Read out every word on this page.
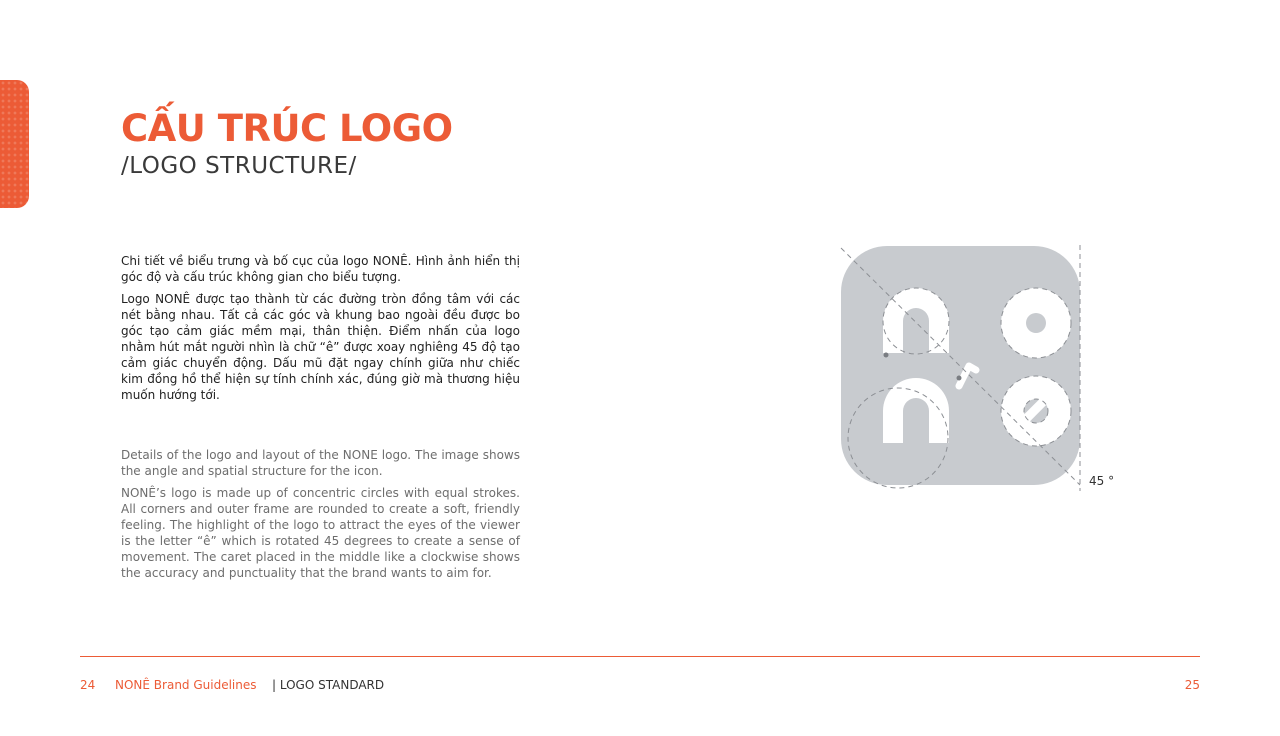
CẤU TRÚC LOGO
/LOGO STRUCTURE/

Chi tiết về biểu trưng và bố cục của logo NONÊ. Hình ảnh hiển thị góc độ và cấu trúc không gian cho biểu tượng.

Logo NONÊ được tạo thành từ các đường tròn đồng tâm với các nét bằng nhau. Tất cả các góc và khung bao ngoài đều được bo góc tạo cảm giác mềm mại, thân thiện. Điểm nhấn của logo nhằm hút mắt người nhìn là chữ “ê” được xoay nghiêng 45 độ tạo cảm giác chuyển động. Dấu mũ đặt ngay chính giữa như chiếc kim đồng hồ thể hiện sự tính chính xác, đúng giờ mà thương hiệu muốn hướng tới.

Details of the logo and layout of the NONE logo. The image shows the angle and spatial structure for the icon.

NONÊ’s logo is made up of concentric circles with equal strokes. All corners and outer frame are rounded to create a soft, friendly feeling. The highlight of the logo to attract the eyes of the viewer is the letter “ê” which is rotated 45 degrees to create a sense of movement. The caret placed in the middle like a clockwise shows the accuracy and punctuality that the brand wants to aim for.

45 °
24 NONÊ Brand Guidelines | LOGO STANDARD	25
